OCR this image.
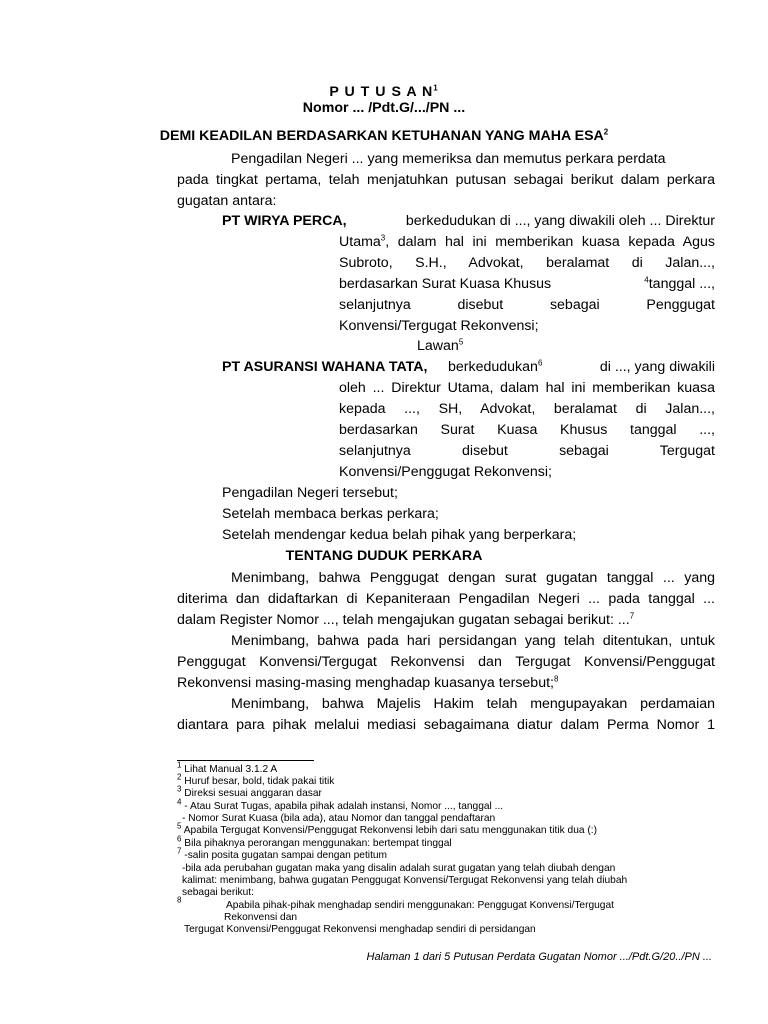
P U T U S A $N^1$
Nomor ... /Pdt.G/.../PN ...
DEMI KEADILAN BERDASARKAN KETUHANAN YANG MAHA ESA$^2$
Pengadilan Negeri ... yang memeriksa dan memutus perkara perdata
pada tingkat pertama, telah menjatuhkan putusan sebagai berikut dalam perkara
gugatan antara:
PT WIRYA PERCA,	berkedudukan di ..., yang diwakili oleh ... Direktur
Utama$^3$, dalam hal ini memberikan kuasa kepada Agus
Subroto, S.H., Advokat, beralamat di Jalan...,
berdasarkan Surat Kuasa Khusus	$^4$tanggal ...,
selanjutnya disebut sebagai Penggugat
Konvensi/Tergugat Rekonvensi;
Lawan$^5$
PT ASURANSI WAHANA TATA, berkedudukan$^6$	di ..., yang diwakili
oleh ... Direktur Utama, dalam hal ini memberikan kuasa
kepada ..., SH, Advokat, beralamat di Jalan...,
berdasarkan Surat Kuasa Khusus tanggal ...,
selanjutnya disebut sebagai Tergugat
Konvensi/Penggugat Rekonvensi;
Pengadilan Negeri tersebut;
Setelah membaca berkas perkara;
Setelah mendengar kedua belah pihak yang berperkara;
TENTANG DUDUK PERKARA
Menimbang, bahwa Penggugat dengan surat gugatan tanggal ... yang
diterima dan didaftarkan di Kepaniteraan Pengadilan Negeri ... pada tanggal ...
dalam Register Nomor ..., telah mengajukan gugatan sebagai berikut: ...$^7$
Menimbang, bahwa pada hari persidangan yang telah ditentukan, untuk
Penggugat Konvensi/Tergugat Rekonvensi dan Tergugat Konvensi/Penggugat
Rekonvensi masing-masing menghadap kuasanya tersebut;$^8$
Menimbang, bahwa Majelis Hakim telah mengupayakan perdamaian
diantara para pihak melalui mediasi sebagaimana diatur dalam Perma Nomor 1
$^1$ Lihat Manual 3.1.2 A
$^2$ Huruf besar, bold, tidak pakai titik
$^3$ Direksi sesuai anggaran dasar
$^4$ - Atau Surat Tugas, apabila pihak adalah instansi, Nomor ..., tanggal ...
- Nomor Surat Kuasa (bila ada), atau Nomor dan tanggal pendaftaran
$^5$ Apabila Tergugat Konvensi/Penggugat Rekonvensi lebih dari satu menggunakan titik dua (:)
$^6$ Bila pihaknya perorangan menggunakan: bertempat tinggal
$^7$ -salin posita gugatan sampai dengan petitum
-bila ada perubahan gugatan maka yang disalin adalah surat gugatan yang telah diubah dengan
kalimat: menimbang, bahwa gugatan Penggugat Konvensi/Tergugat Rekonvensi yang telah diubah
sebagai berikut:
$^8$	Apabila pihak-pihak menghadap sendiri menggunakan: Penggugat Konvensi/Tergugat
Rekonvensi dan
Tergugat Konvensi/Penggugat Rekonvensi menghadap sendiri di persidangan
Halaman 1 dari 5 Putusan Perdata Gugatan Nomor .../Pdt.G/20../PN ...
